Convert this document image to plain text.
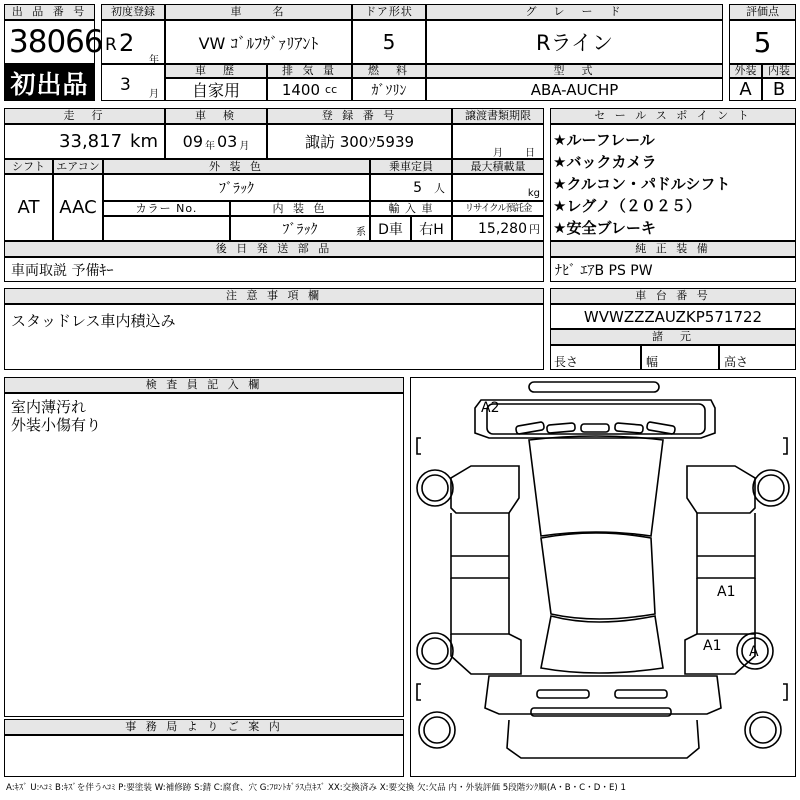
出 品 番 号
38066
初出品
初度登録
R 2
年
3 月
車　　名
VW ｺﾞﾙﾌｳﾞｧﾘｱﾝﾄ
ドア形状
5
グ　レ　ー　ド
Rライン
評価点
5
車　歴
自家用
排 気 量
1400 cc
燃　料
ｶﾞｿﾘﾝ
型　式
ABA-AUCHP
外装	内装
A	B
走　行
33,817 km
車　検
09 年 03 月
登 録 番 号
諏訪 300ｿ5939
譲渡書類期限
月 日
シフト
AT
エアコン
AAC
外 装 色
ﾌﾞﾗｯｸ
乗車定員
5 人
最大積載量
kg
カラー No.	内 装 色
ﾌﾞﾗｯｸ	系
輸 入 車
D車	右H
リサイクル預託金
15,280 円
セ ー ル ス ポ イ ン ト
★ルーフレール
★バックカメラ
★クルコン・パドルシフト
★レグノ（２０２５）
★安全ブレーキ
後 日 発 送 部 品
車両取説 予備ｷｰ
純 正 装 備
ﾅﾋﾞ ｴｱB PS PW
注 意 事 項 欄
スタッドレス車内積込み
車 台 番 号
WVWZZZAUZKP571722
諸　元
長さ	幅	高さ
検 査 員 記 入 欄
室内薄汚れ
外装小傷有り
事 務 局 よ り ご 案 内
A2
A1
A1 A
A:ｷｽﾞ U:ﾍｺﾐ B:ｷｽﾞを伴うﾍｺﾐ P:要塗装 W:補修跡 S:錆 C:腐食、穴 G:ﾌﾛﾝﾄｶﾞﾗｽ点ｷｽﾞ XX:交換済み X:要交換 欠:欠品 内・外装評価 5段階ﾗﾝｸ順(A・B・C・D・E) 1
